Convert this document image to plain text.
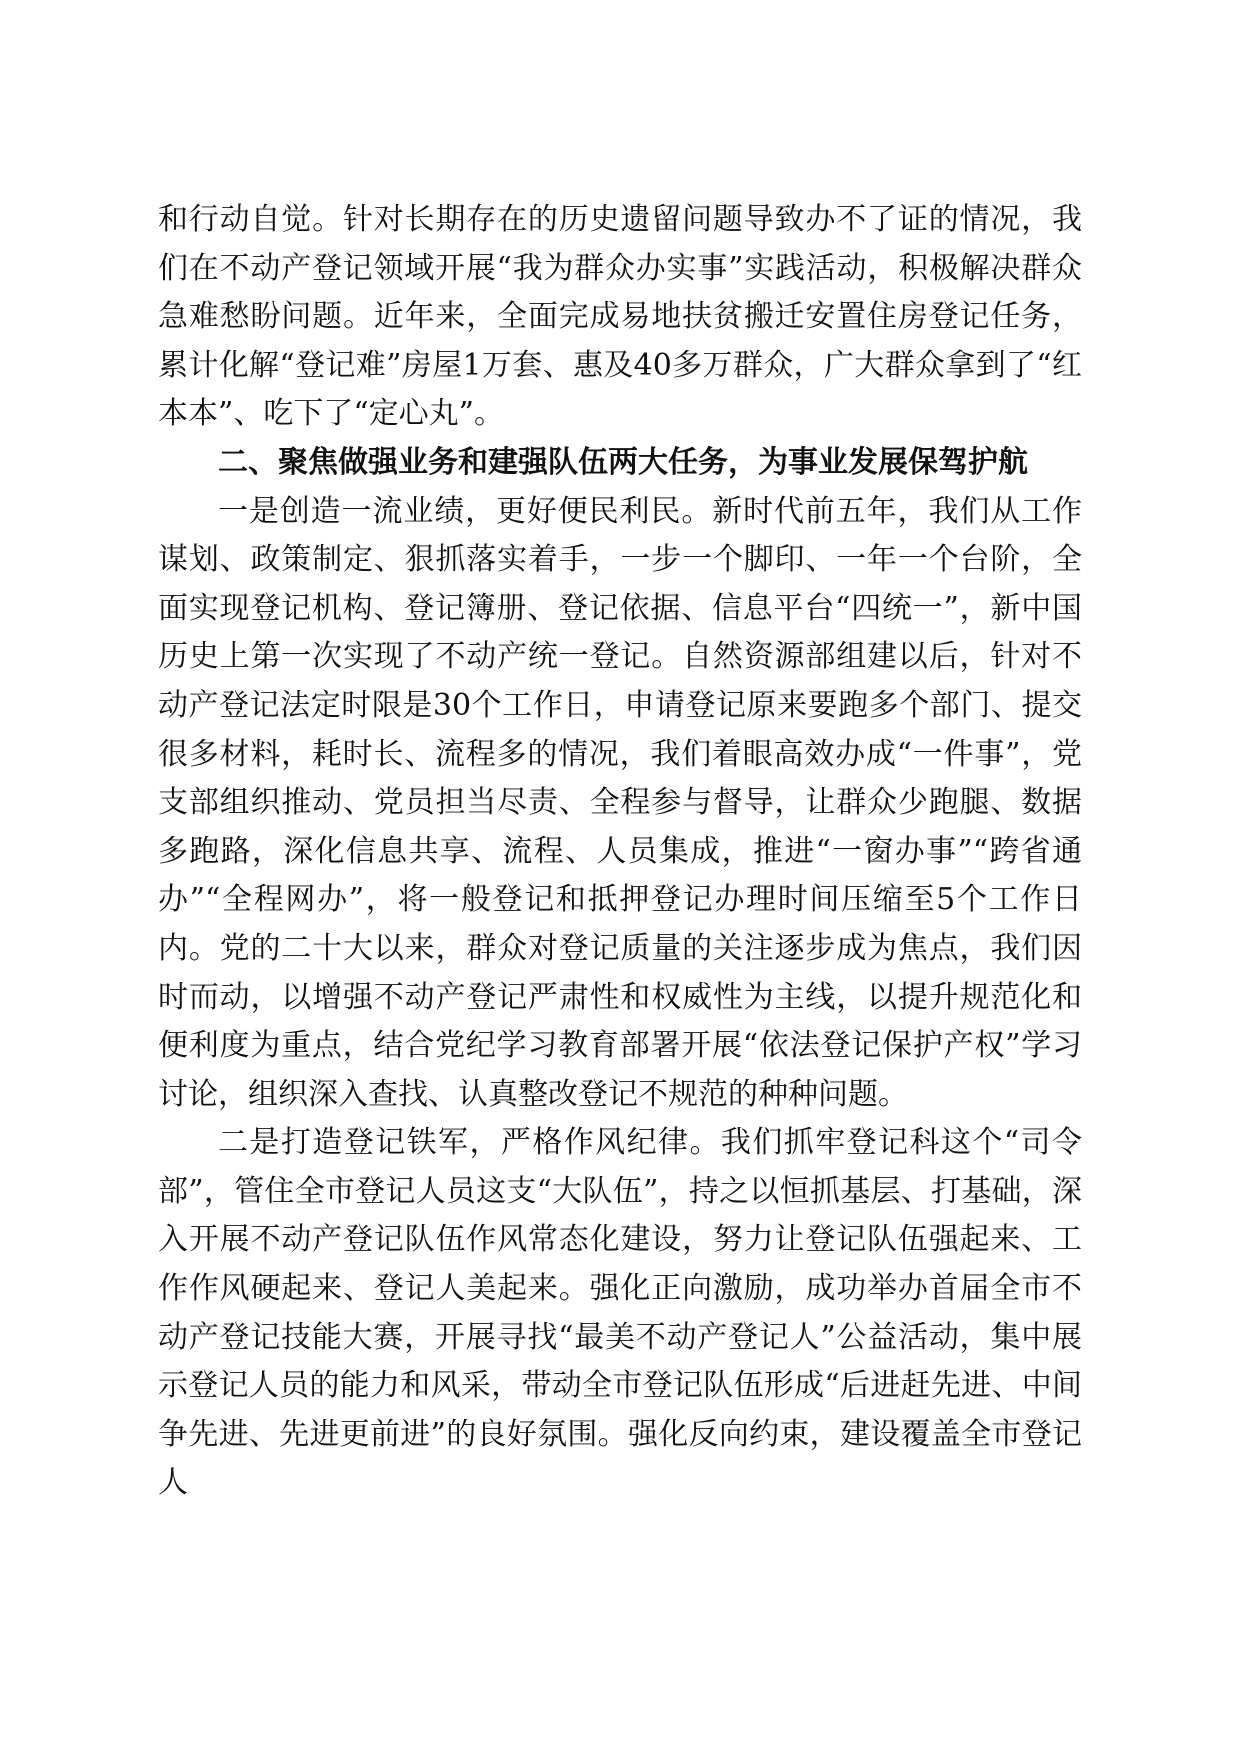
和行动自觉。针对长期存在的历史遗留问题导致办不了证的情况，我们在不动产登记领域开展“我为群众办实事”实践活动，积极解决群众急难愁盼问题。近年来，全面完成易地扶贫搬迁安置住房登记任务，累计化解“登记难”房屋1万套、惠及40多万群众，广大群众拿到了“红本本”、吃下了“定心丸”。

二、聚焦做强业务和建强队伍两大任务，为事业发展保驾护航

一是创造一流业绩，更好便民利民。新时代前五年，我们从工作谋划、政策制定、狠抓落实着手，一步一个脚印、一年一个台阶，全面实现登记机构、登记簿册、登记依据、信息平台“四统一”，新中国历史上第一次实现了不动产统一登记。自然资源部组建以后，针对不动产登记法定时限是30个工作日，申请登记原来要跑多个部门、提交很多材料，耗时长、流程多的情况，我们着眼高效办成“一件事”，党支部组织推动、党员担当尽责、全程参与督导，让群众少跑腿、数据多跑路，深化信息共享、流程、人员集成，推进“一窗办事”“跨省通办”“全程网办”，将一般登记和抵押登记办理时间压缩至5个工作日内。党的二十大以来，群众对登记质量的关注逐步成为焦点，我们因时而动，以增强不动产登记严肃性和权威性为主线，以提升规范化和便利度为重点，结合党纪学习教育部署开展“依法登记保护产权”学习讨论，组织深入查找、认真整改登记不规范的种种问题。

二是打造登记铁军，严格作风纪律。我们抓牢登记科这个“司令部”，管住全市登记人员这支“大队伍”，持之以恒抓基层、打基础，深入开展不动产登记队伍作风常态化建设，努力让登记队伍强起来、工作作风硬起来、登记人美起来。强化正向激励，成功举办首届全市不动产登记技能大赛，开展寻找“最美不动产登记人”公益活动，集中展示登记人员的能力和风采，带动全市登记队伍形成“后进赶先进、中间争先进、先进更前进”的良好氛围。强化反向约束，建设覆盖全市登记人
